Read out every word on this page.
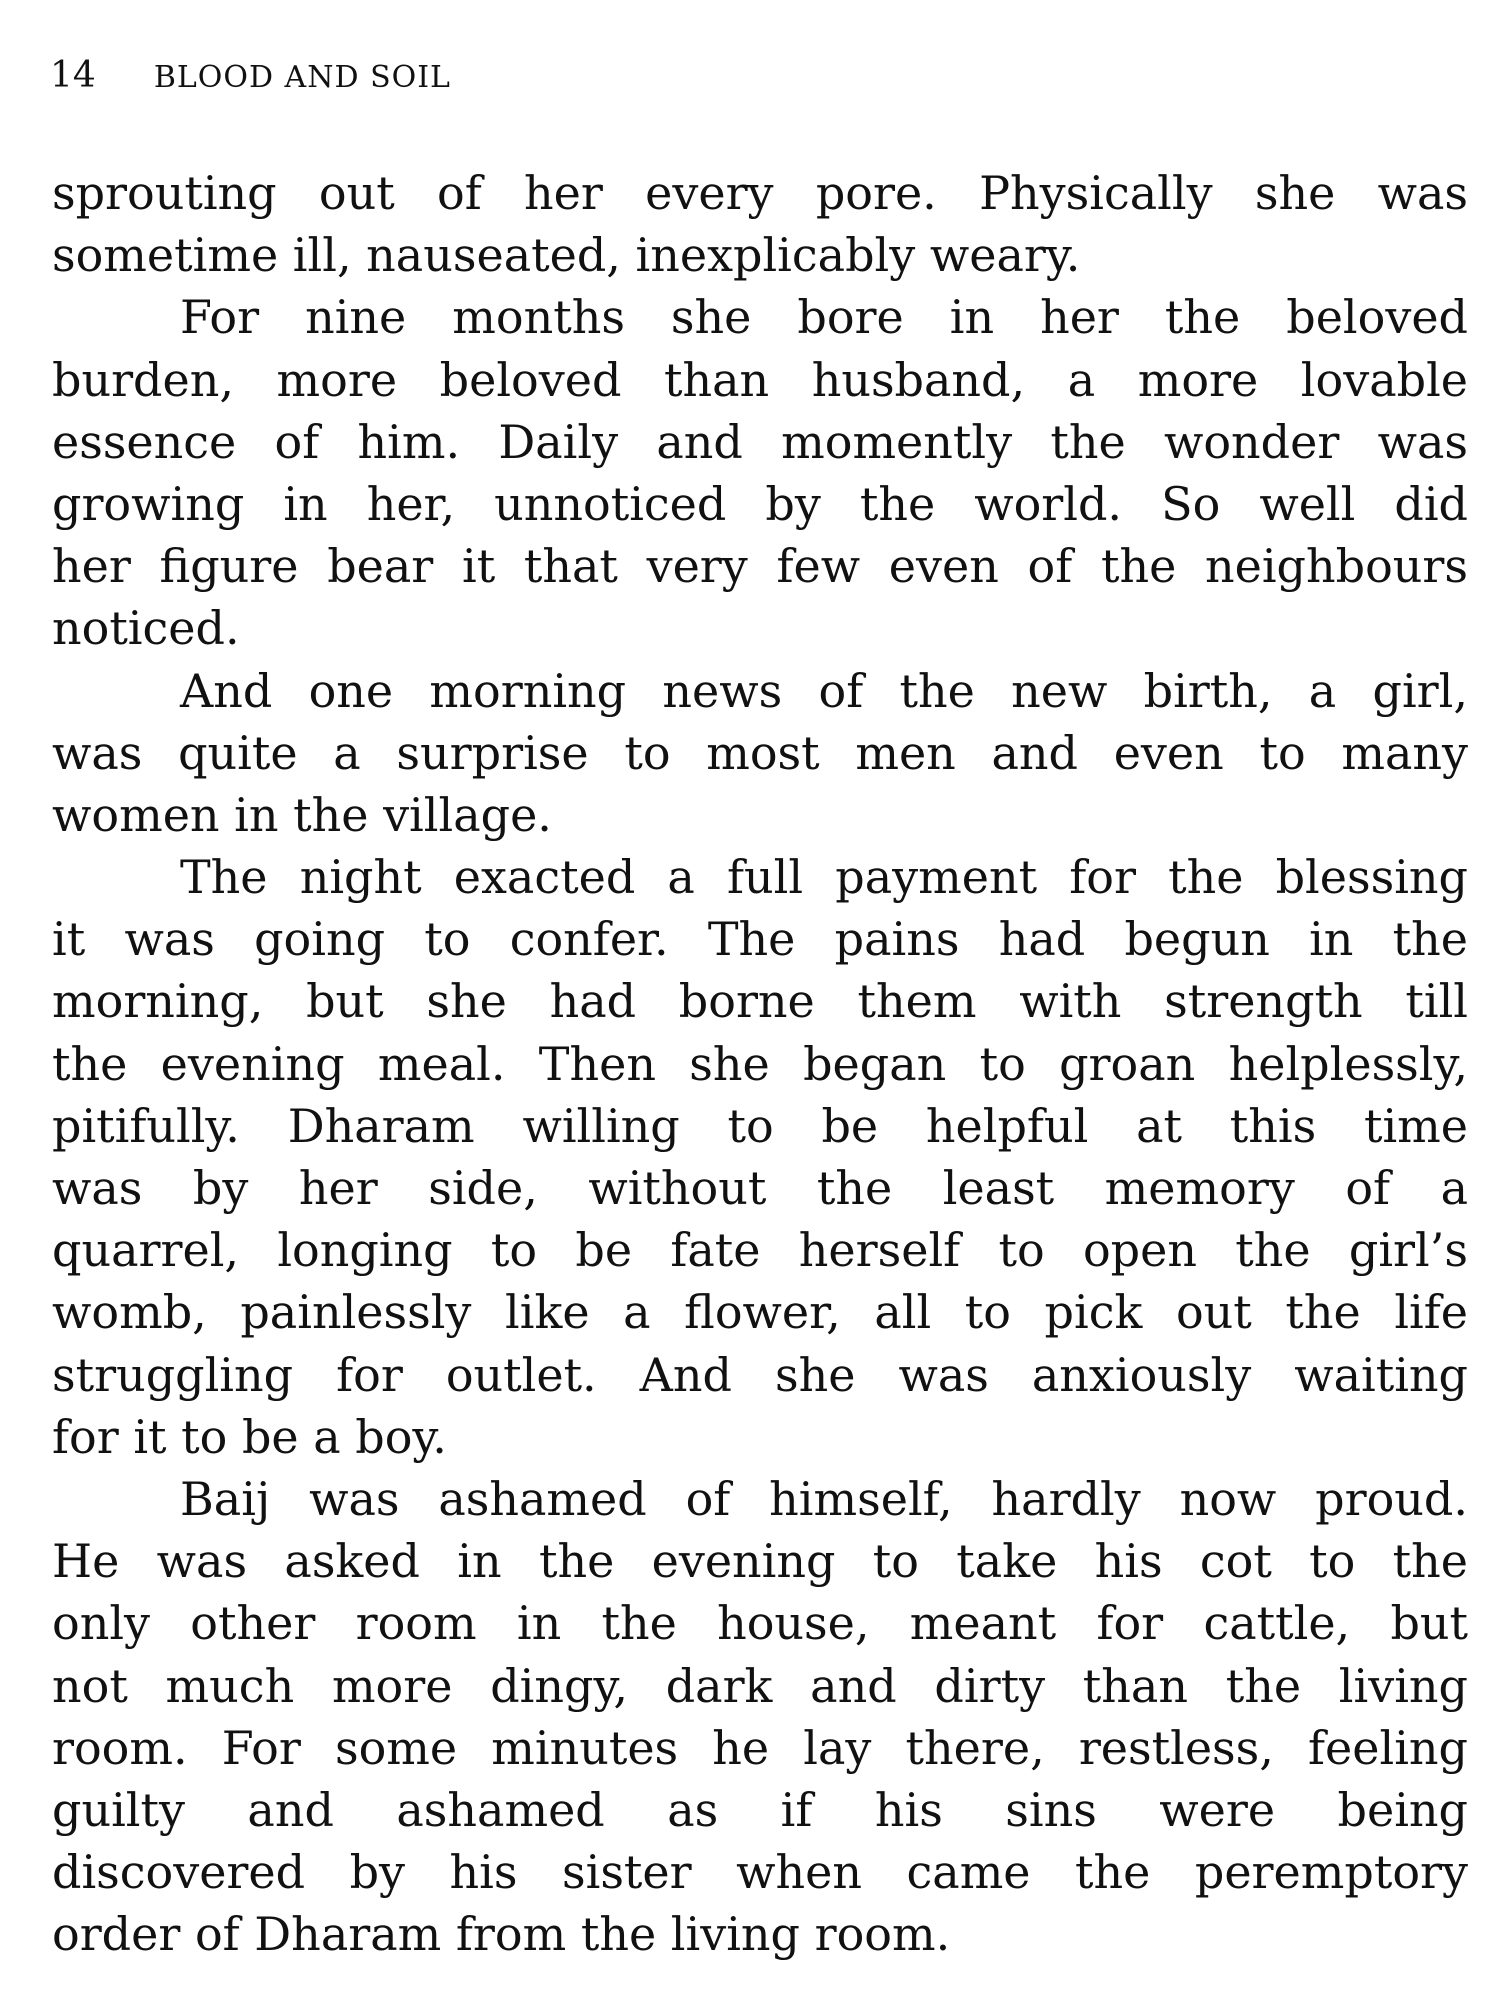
14 BLOOD AND SOIL
sprouting out of her every pore. Physically she was
sometime ill, nauseated, inexplicably weary.
For nine months she bore in her the beloved
burden, more beloved than husband, a more lovable
essence of him. Daily and momently the wonder was
growing in her, unnoticed by the world. So well did
her figure bear it that very few even of the neighbours
noticed.
And one morning news of the new birth, a girl,
was quite a surprise to most men and even to many
women in the village.
The night exacted a full payment for the blessing
it was going to confer. The pains had begun in the
morning, but she had borne them with strength till
the evening meal. Then she began to groan helplessly,
pitifully. Dharam willing to be helpful at this time
was by her side, without the least memory of a
quarrel, longing to be fate herself to open the girl’s
womb, painlessly like a flower, all to pick out the life
struggling for outlet. And she was anxiously waiting
for it to be a boy.
Baij was ashamed of himself, hardly now proud.
He was asked in the evening to take his cot to the
only other room in the house, meant for cattle, but
not much more dingy, dark and dirty than the living
room. For some minutes he lay there, restless, feeling
guilty and ashamed as if his sins were being
discovered by his sister when came the peremptory
order of Dharam from the living room.
